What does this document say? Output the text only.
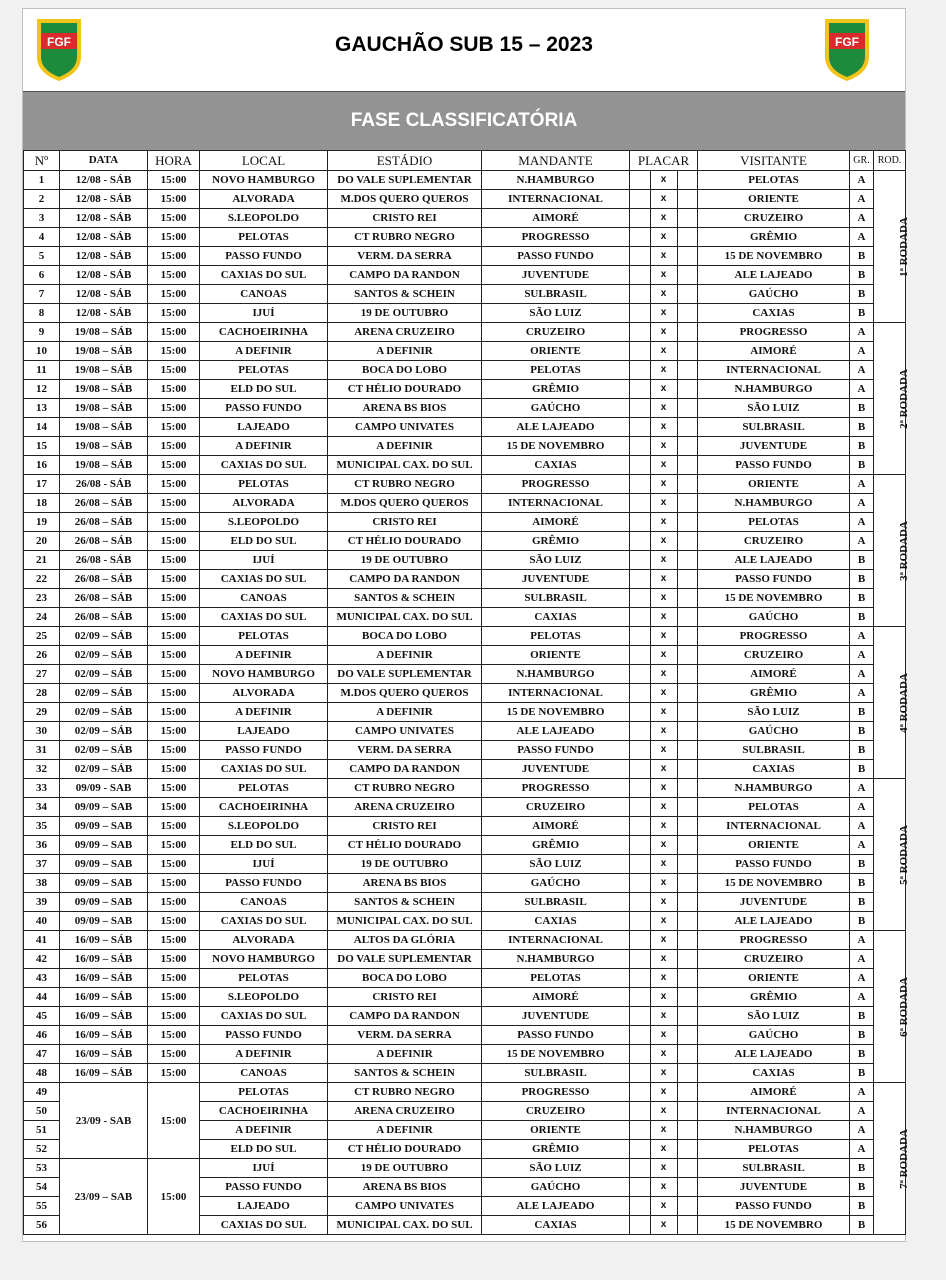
FGF	FGF
GAUCHÃO SUB 15 – 2023
FASE CLASSIFICATÓRIA
Nº	DATA	HORA	LOCAL	ESTÁDIO	MANDANTE	PLACAR	VISITANTE	GR.	ROD.
1	12/08 - SÁB	15:00	NOVO HAMBURGO	DO VALE SUPLEMENTAR	N.HAMBURGO	x	PELOTAS	A	1ª RODADA
2	12/08 - SÁB	15:00	ALVORADA	M.DOS QUERO QUEROS	INTERNACIONAL	x	ORIENTE	A	
3	12/08 - SÁB	15:00	S.LEOPOLDO	CRISTO REI	AIMORÉ	x	CRUZEIRO	A	
4	12/08 - SÁB	15:00	PELOTAS	CT RUBRO NEGRO	PROGRESSO	x	GRÊMIO	A	
5	12/08 - SÁB	15:00	PASSO FUNDO	VERM. DA SERRA	PASSO FUNDO	x	15 DE NOVEMBRO	B	
6	12/08 - SÁB	15:00	CAXIAS DO SUL	CAMPO DA RANDON	JUVENTUDE	x	ALE LAJEADO	B	
7	12/08 - SÁB	15:00	CANOAS	SANTOS & SCHEIN	SULBRASIL	x	GAÚCHO	B	
8	12/08 - SÁB	15:00	IJUÍ	19 DE OUTUBRO	SÃO LUIZ	x	CAXIAS	B	
9	19/08 – SÁB	15:00	CACHOEIRINHA	ARENA CRUZEIRO	CRUZEIRO	x	PROGRESSO	A	2ª RODADA
10	19/08 – SÁB	15:00	A DEFINIR	A DEFINIR	ORIENTE	x	AIMORÉ	A	
11	19/08 – SÁB	15:00	PELOTAS	BOCA DO LOBO	PELOTAS	x	INTERNACIONAL	A	
12	19/08 – SÁB	15:00	ELD DO SUL	CT HÉLIO DOURADO	GRÊMIO	x	N.HAMBURGO	A	
13	19/08 – SÁB	15:00	PASSO FUNDO	ARENA BS BIOS	GAÚCHO	x	SÃO LUIZ	B	
14	19/08 – SÁB	15:00	LAJEADO	CAMPO UNIVATES	ALE LAJEADO	x	SULBRASIL	B	
15	19/08 – SÁB	15:00	A DEFINIR	A DEFINIR	15 DE NOVEMBRO	x	JUVENTUDE	B	
16	19/08 – SÁB	15:00	CAXIAS DO SUL	MUNICIPAL CAX. DO SUL	CAXIAS	x	PASSO FUNDO	B	
17	26/08 - SÁB	15:00	PELOTAS	CT RUBRO NEGRO	PROGRESSO	x	ORIENTE	A	3ª RODADA
18	26/08 – SÁB	15:00	ALVORADA	M.DOS QUERO QUEROS	INTERNACIONAL	x	N.HAMBURGO	A	
19	26/08 – SÁB	15:00	S.LEOPOLDO	CRISTO REI	AIMORÉ	x	PELOTAS	A	
20	26/08 – SÁB	15:00	ELD DO SUL	CT HÉLIO DOURADO	GRÊMIO	x	CRUZEIRO	A	
21	26/08 - SÁB	15:00	IJUÍ	19 DE OUTUBRO	SÃO LUIZ	x	ALE LAJEADO	B	
22	26/08 – SÁB	15:00	CAXIAS DO SUL	CAMPO DA RANDON	JUVENTUDE	x	PASSO FUNDO	B	
23	26/08 – SÁB	15:00	CANOAS	SANTOS & SCHEIN	SULBRASIL	x	15 DE NOVEMBRO	B	
24	26/08 – SÁB	15:00	CAXIAS DO SUL	MUNICIPAL CAX. DO SUL	CAXIAS	x	GAÚCHO	B	
25	02/09 – SÁB	15:00	PELOTAS	BOCA DO LOBO	PELOTAS	x	PROGRESSO	A	4ª RODADA
26	02/09 – SÁB	15:00	A DEFINIR	A DEFINIR	ORIENTE	x	CRUZEIRO	A	
27	02/09 – SÁB	15:00	NOVO HAMBURGO	DO VALE SUPLEMENTAR	N.HAMBURGO	x	AIMORÉ	A	
28	02/09 – SÁB	15:00	ALVORADA	M.DOS QUERO QUEROS	INTERNACIONAL	x	GRÊMIO	A	
29	02/09 – SÁB	15:00	A DEFINIR	A DEFINIR	15 DE NOVEMBRO	x	SÃO LUIZ	B	
30	02/09 – SÁB	15:00	LAJEADO	CAMPO UNIVATES	ALE LAJEADO	x	GAÚCHO	B	
31	02/09 – SÁB	15:00	PASSO FUNDO	VERM. DA SERRA	PASSO FUNDO	x	SULBRASIL	B	
32	02/09 – SÁB	15:00	CAXIAS DO SUL	CAMPO DA RANDON	JUVENTUDE	x	CAXIAS	B	
33	09/09 - SAB	15:00	PELOTAS	CT RUBRO NEGRO	PROGRESSO	x	N.HAMBURGO	A	5ª RODADA
34	09/09 – SAB	15:00	CACHOEIRINHA	ARENA CRUZEIRO	CRUZEIRO	x	PELOTAS	A	
35	09/09 – SAB	15:00	S.LEOPOLDO	CRISTO REI	AIMORÉ	x	INTERNACIONAL	A	
36	09/09 – SAB	15:00	ELD DO SUL	CT HÉLIO DOURADO	GRÊMIO	x	ORIENTE	A	
37	09/09 – SAB	15:00	IJUÍ	19 DE OUTUBRO	SÃO LUIZ	x	PASSO FUNDO	B	
38	09/09 – SAB	15:00	PASSO FUNDO	ARENA BS BIOS	GAÚCHO	x	15 DE NOVEMBRO	B	
39	09/09 – SAB	15:00	CANOAS	SANTOS & SCHEIN	SULBRASIL	x	JUVENTUDE	B	
40	09/09 – SAB	15:00	CAXIAS DO SUL	MUNICIPAL CAX. DO SUL	CAXIAS	x	ALE LAJEADO	B	
41	16/09 – SÁB	15:00	ALVORADA	ALTOS DA GLÓRIA	INTERNACIONAL	x	PROGRESSO	A	6ª RODADA
42	16/09 – SÁB	15:00	NOVO HAMBURGO	DO VALE SUPLEMENTAR	N.HAMBURGO	x	CRUZEIRO	A	
43	16/09 – SÁB	15:00	PELOTAS	BOCA DO LOBO	PELOTAS	x	ORIENTE	A	
44	16/09 – SÁB	15:00	S.LEOPOLDO	CRISTO REI	AIMORÉ	x	GRÊMIO	A	
45	16/09 – SÁB	15:00	CAXIAS DO SUL	CAMPO DA RANDON	JUVENTUDE	x	SÃO LUIZ	B	
46	16/09 – SÁB	15:00	PASSO FUNDO	VERM. DA SERRA	PASSO FUNDO	x	GAÚCHO	B	
47	16/09 – SÁB	15:00	A DEFINIR	A DEFINIR	15 DE NOVEMBRO	x	ALE LAJEADO	B	
48	16/09 – SÁB	15:00	CANOAS	SANTOS & SCHEIN	SULBRASIL	x	CAXIAS	B	
49	23/09 - SAB	15:00	PELOTAS	CT RUBRO NEGRO	PROGRESSO	x	AIMORÉ	A	7ª RODADA
50			CACHOEIRINHA	ARENA CRUZEIRO	CRUZEIRO	x	INTERNACIONAL	A	
51			A DEFINIR	A DEFINIR	ORIENTE	x	N.HAMBURGO	A	
52			ELD DO SUL	CT HÉLIO DOURADO	GRÊMIO	x	PELOTAS	A	
53	23/09 – SAB	15:00	IJUÍ	19 DE OUTUBRO	SÃO LUIZ	x	SULBRASIL	B	
54			PASSO FUNDO	ARENA BS BIOS	GAÚCHO	x	JUVENTUDE	B	
55			LAJEADO	CAMPO UNIVATES	ALE LAJEADO	x	PASSO FUNDO	B	
56			CAXIAS DO SUL	MUNICIPAL CAX. DO SUL	CAXIAS	x	15 DE NOVEMBRO	B	
